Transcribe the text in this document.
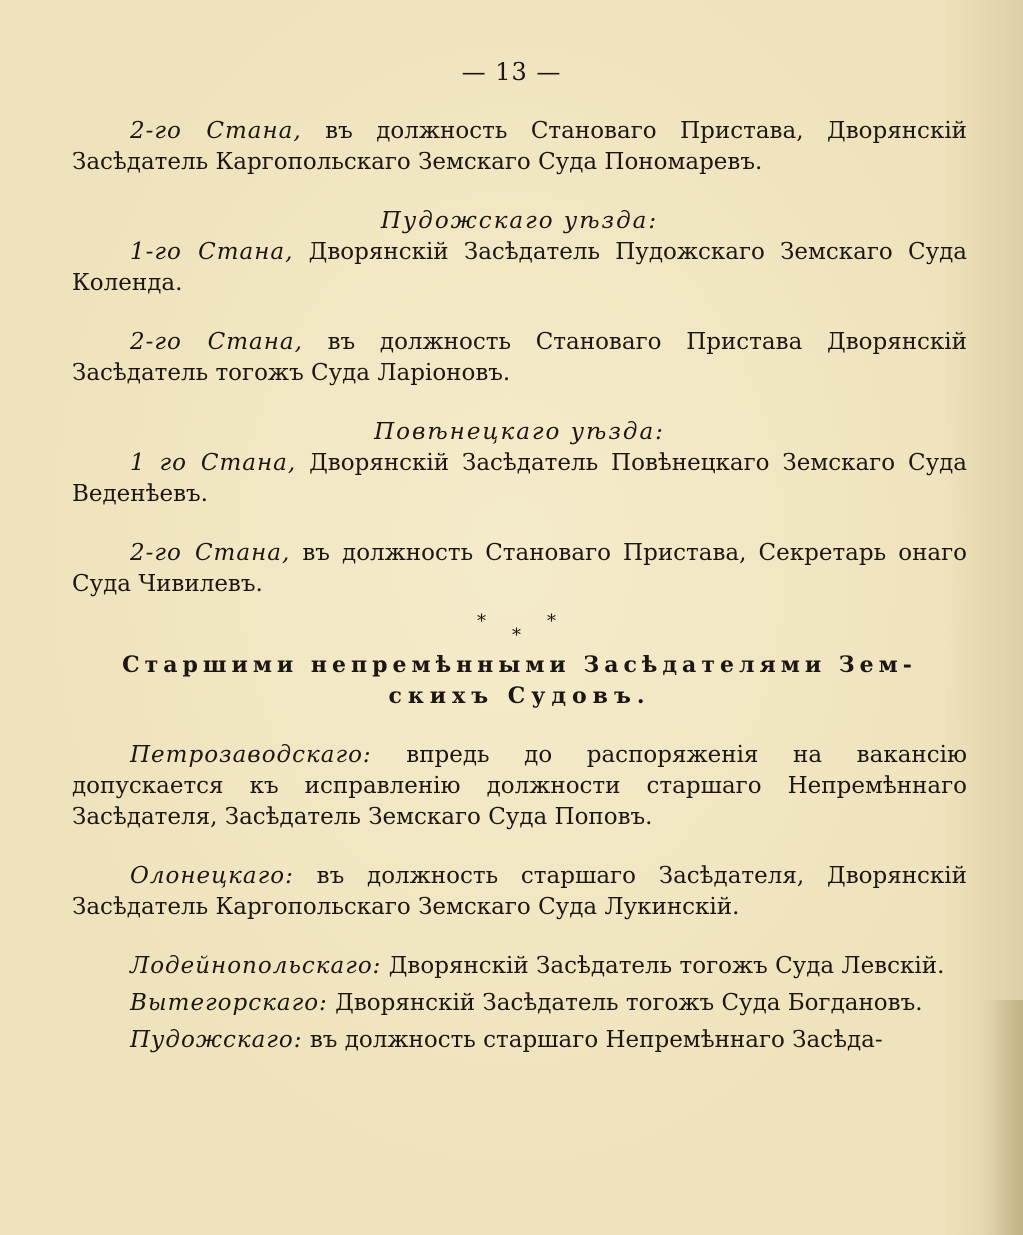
— 13 —

2-го Стана, въ должность Становаго Пристава, Дворянскій Засѣдатель Каргопольскаго Земскаго Суда Пономаревъ.

Пудожскаго уѣзда:

1-го Стана, Дворянскій Засѣдатель Пудожскаго Земскаго Суда Коленда.

2-го Стана, въ должность Становаго Пристава Дворянскій Засѣдатель тогожъ Суда Ларіоновъ.

Повѣнецкаго уѣзда:

1 го Стана, Дворянскій Засѣдатель Повѣнецкаго Земскаго Суда Веденѣевъ.

2-го Стана, въ должность Становаго Пристава, Секретарь онаго Суда Чивилевъ.

*	*
*

Старшими непремѣнными Засѣдателями Зем-
скихъ Судовъ.

Петрозаводскаго: впредь до распоряженія на вакансію допускается къ исправленію должности старшаго Непремѣннаго Засѣдателя, Засѣдатель Земскаго Суда Поповъ.

Олонецкаго: въ должность старшаго Засѣдателя, Дворянскій Засѣдатель Каргопольскаго Земскаго Суда Лукинскій.

Лодейнопольскаго: Дворянскій Засѣдатель тогожъ Суда Левскій.

Вытегорскаго: Дворянскій Засѣдатель тогожъ Суда Богдановъ.

Пудожскаго: въ должность старшаго Непремѣннаго Засѣда-
